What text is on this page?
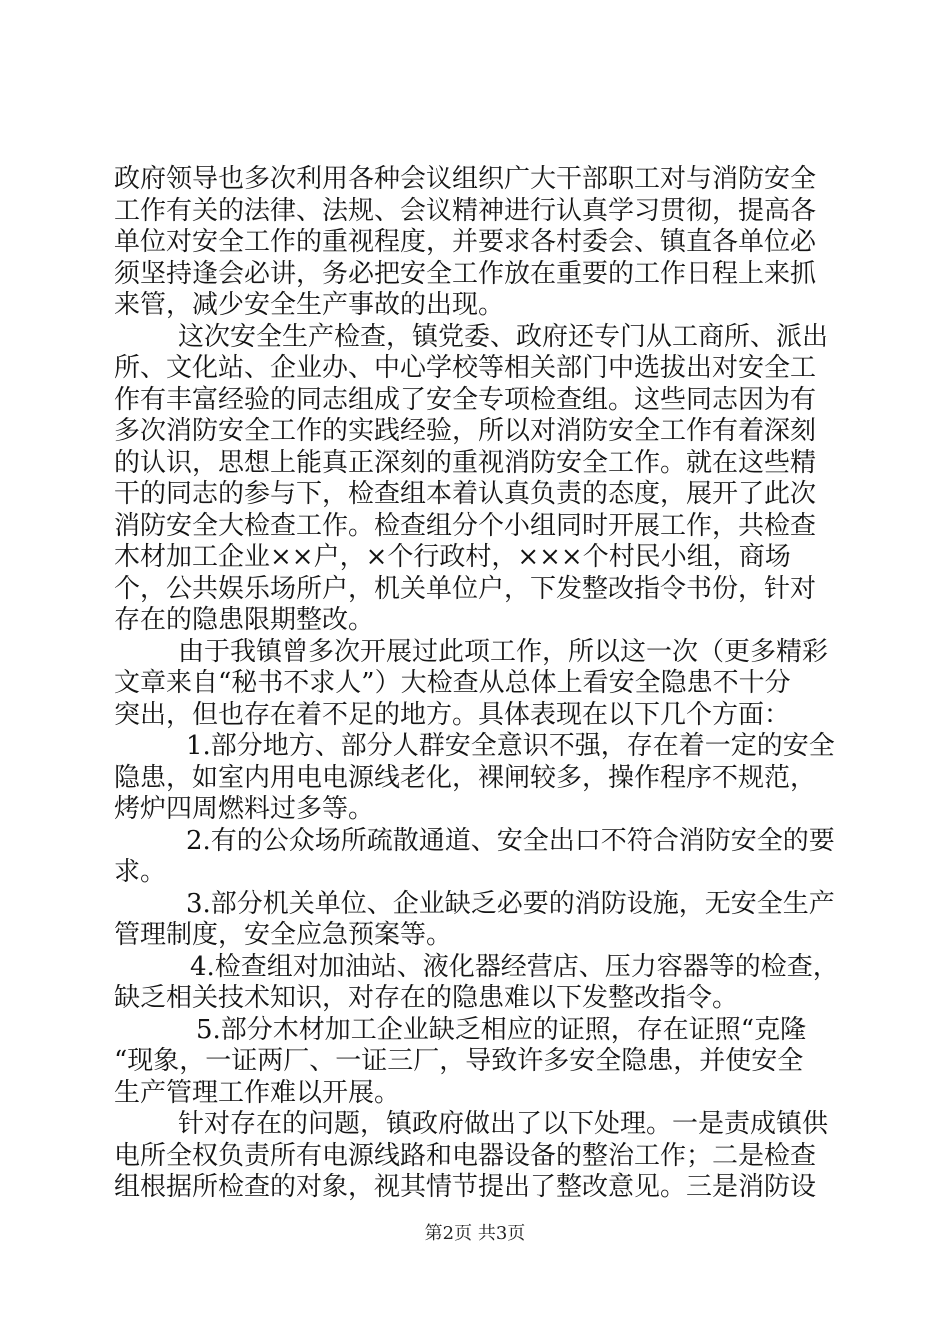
政府领导也多次利用各种会议组织广大干部职工对与消防安全
工作有关的法律、法规、会议精神进行认真学习贯彻，提高各
单位对安全工作的重视程度，并要求各村委会、镇直各单位必
须坚持逢会必讲，务必把安全工作放在重要的工作日程上来抓
来管，减少安全生产事故的出现。
这次安全生产检查，镇党委、政府还专门从工商所、派出
所、文化站、企业办、中心学校等相关部门中选拔出对安全工
作有丰富经验的同志组成了安全专项检查组。这些同志因为有
多次消防安全工作的实践经验，所以对消防安全工作有着深刻
的认识，思想上能真正深刻的重视消防安全工作。就在这些精
干的同志的参与下，检查组本着认真负责的态度，展开了此次
消防安全大检查工作。检查组分个小组同时开展工作，共检查
木材加工企业××户，×个行政村，×××个村民小组，商场
个，公共娱乐场所户，机关单位户，下发整改指令书份，针对
存在的隐患限期整改。
由于我镇曾多次开展过此项工作，所以这一次（更多精彩
文章来自“秘书不求人”）大检查从总体上看安全隐患不十分
突出，但也存在着不足的地方。具体表现在以下几个方面：
1.部分地方、部分人群安全意识不强，存在着一定的安全
隐患，如室内用电电源线老化，裸闸较多，操作程序不规范，
烤炉四周燃料过多等。
2.有的公众场所疏散通道、安全出口不符合消防安全的要
求。
3.部分机关单位、企业缺乏必要的消防设施，无安全生产
管理制度，安全应急预案等。
4.检查组对加油站、液化器经营店、压力容器等的检查，
缺乏相关技术知识，对存在的隐患难以下发整改指令。
5.部分木材加工企业缺乏相应的证照，存在证照“克隆
“现象，一证两厂、一证三厂，导致许多安全隐患，并使安全
生产管理工作难以开展。
针对存在的问题，镇政府做出了以下处理。一是责成镇供
电所全权负责所有电源线路和电器设备的整治工作；二是检查
组根据所检查的对象，视其情节提出了整改意见。三是消防设
第2页 共3页
